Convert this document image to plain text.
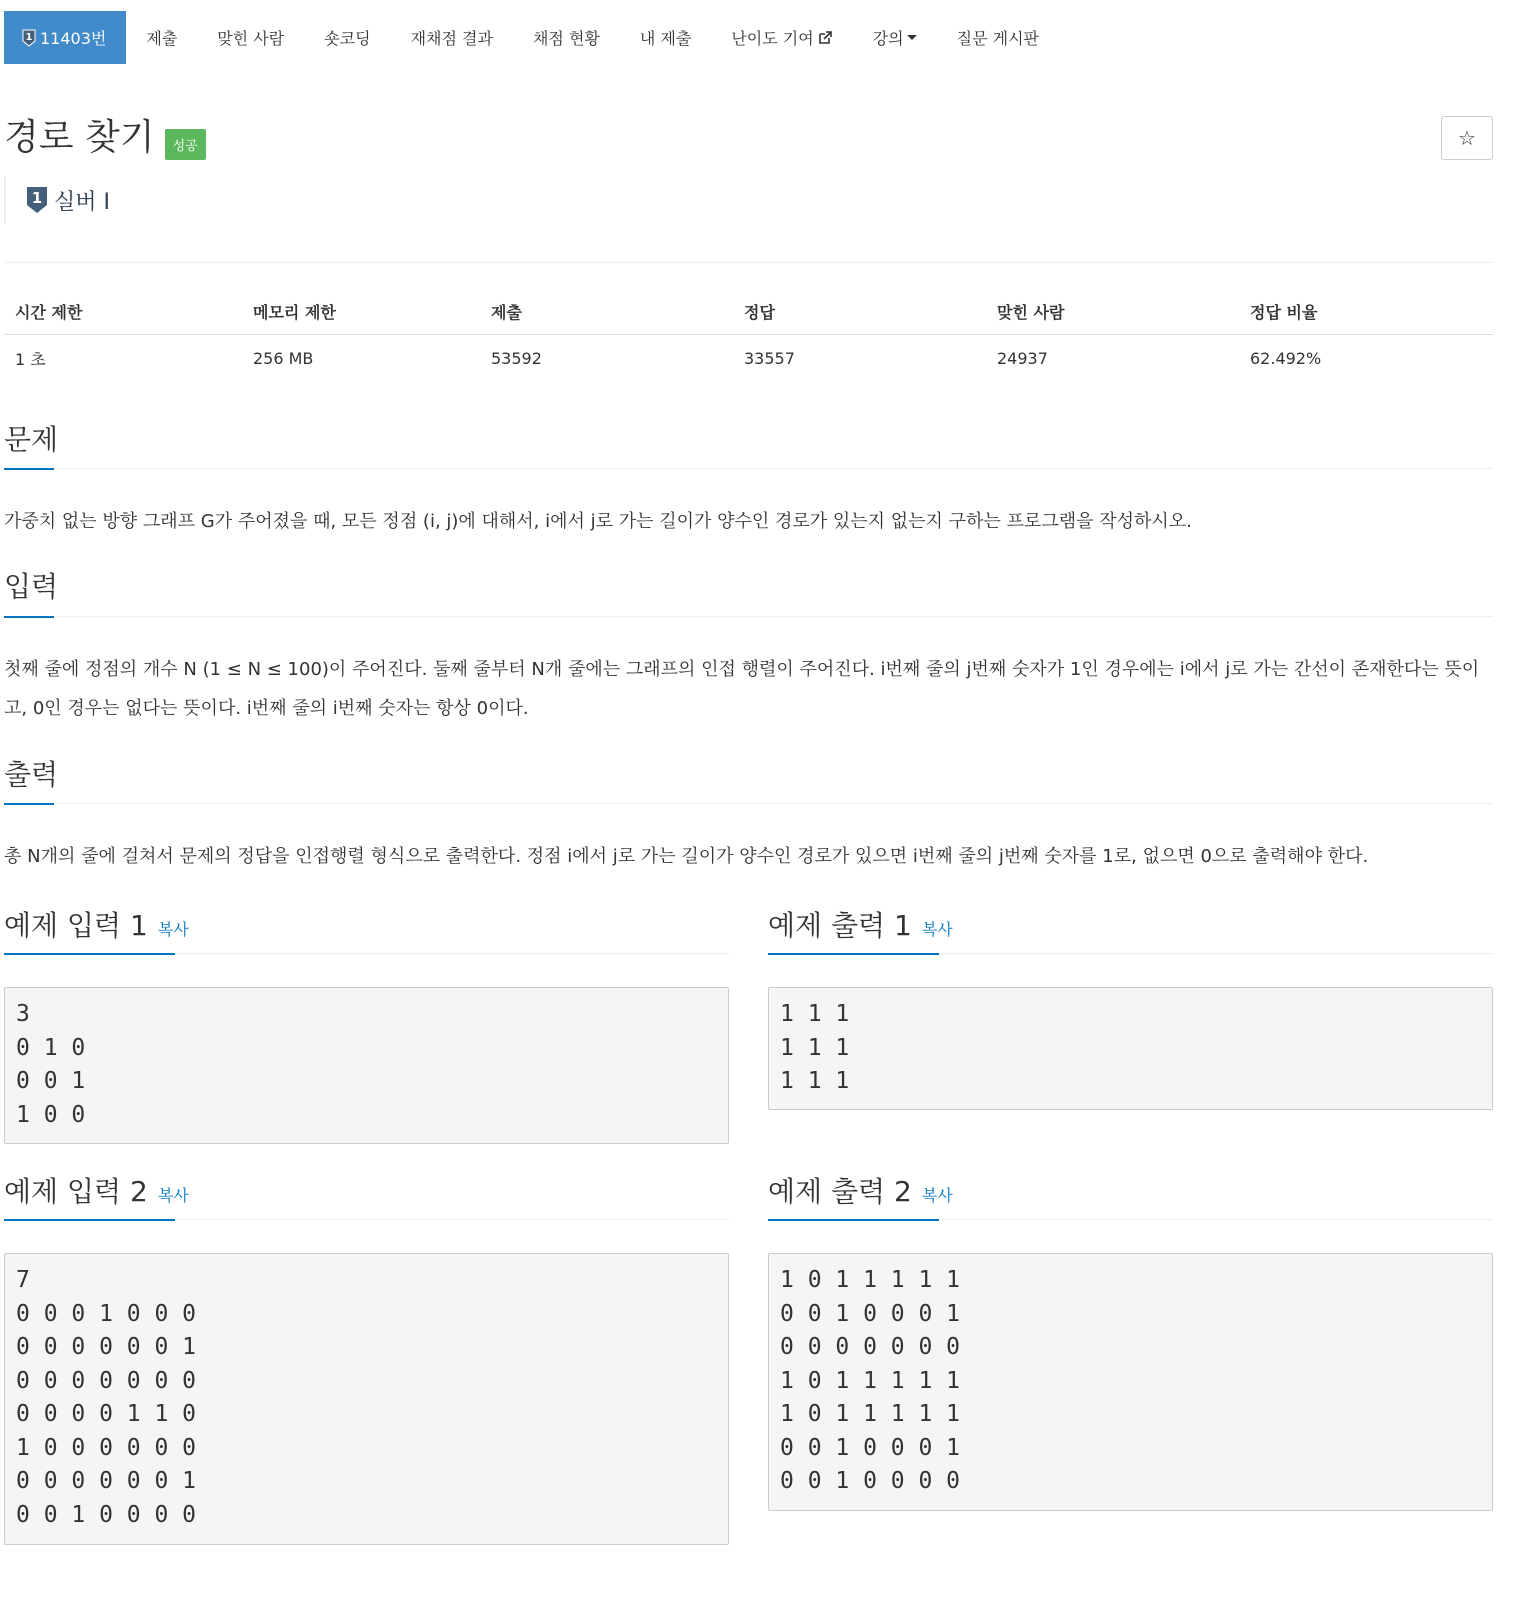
1 11403번	제출	맞힌 사람	숏코딩	재채점 결과	채점 현황	내 제출	난이도 기여	강의	질문 게시판
경로 찾기	성공	☆
1 실버 I
시간 제한	메모리 제한	제출	정답	맞힌 사람	정답 비율
1 초	256 MB	53592	33557	24937	62.492%
문제
가중치 없는 방향 그래프 G가 주어졌을 때, 모든 정점 (i, j)에 대해서, i에서 j로 가는 길이가 양수인 경로가 있는지 없는지 구하는 프로그램을 작성하시오.
입력
첫째 줄에 정점의 개수 N (1 ≤ N ≤ 100)이 주어진다. 둘째 줄부터 N개 줄에는 그래프의 인접 행렬이 주어진다. i번째 줄의 j번째 숫자가 1인 경우에는 i에서 j로 가는 간선이 존재한다는 뜻이고, 0인 경우는 없다는 뜻이다. i번째 줄의 i번째 숫자는 항상 0이다.
출력
총 N개의 줄에 걸쳐서 문제의 정답을 인접행렬 형식으로 출력한다. 정점 i에서 j로 가는 길이가 양수인 경로가 있으면 i번째 줄의 j번째 숫자를 1로, 없으면 0으로 출력해야 한다.
예제 입력 1 복사
3
0 1 0
0 0 1
1 0 0
예제 출력 1 복사
1 1 1
1 1 1
1 1 1
예제 입력 2 복사
7
0 0 0 1 0 0 0
0 0 0 0 0 0 1
0 0 0 0 0 0 0
0 0 0 0 1 1 0
1 0 0 0 0 0 0
0 0 0 0 0 0 1
0 0 1 0 0 0 0
예제 출력 2 복사
1 0 1 1 1 1 1
0 0 1 0 0 0 1
0 0 0 0 0 0 0
1 0 1 1 1 1 1
1 0 1 1 1 1 1
0 0 1 0 0 0 1
0 0 1 0 0 0 0
